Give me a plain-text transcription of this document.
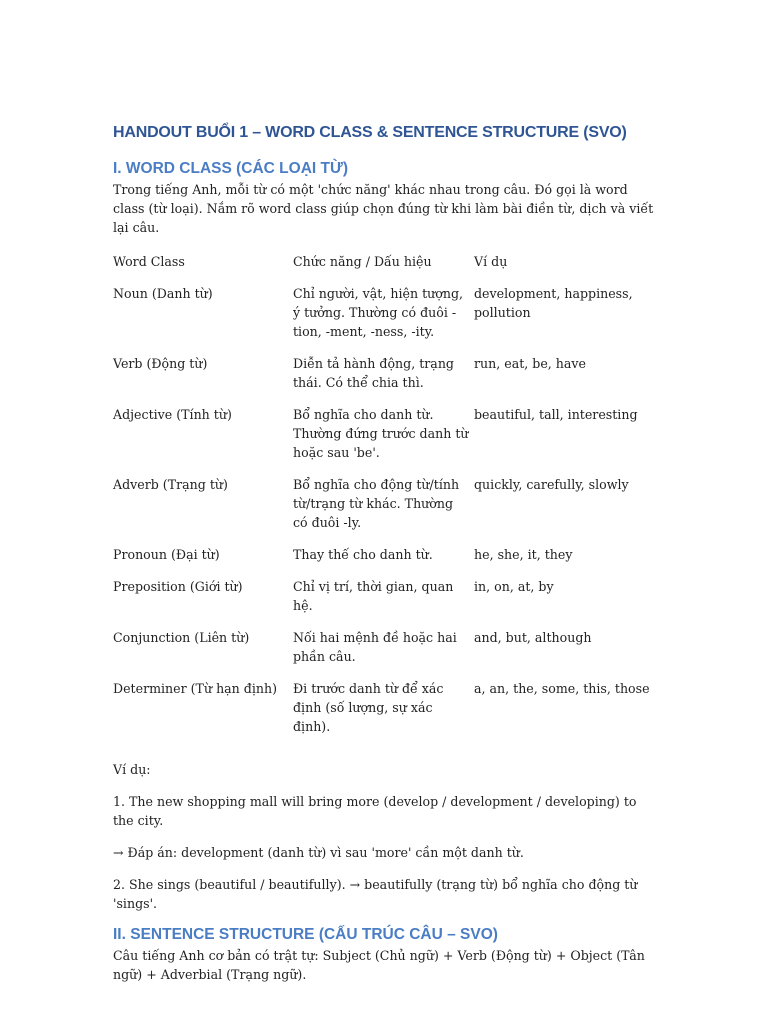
HANDOUT BUỔI 1 – WORD CLASS & SENTENCE STRUCTURE (SVO)
I. WORD CLASS (CÁC LOẠI TỪ)

Trong tiếng Anh, mỗi từ có một 'chức năng' khác nhau trong câu. Đó gọi là word class (từ loại). Nắm rõ word class giúp chọn đúng từ khi làm bài điền từ, dịch và viết lại câu.

Word Class	Chức năng / Dấu hiệu	Ví dụ
Noun (Danh từ)	Chỉ người, vật, hiện tượng, ý tưởng. Thường có đuôi -tion, -ment, -ness, -ity.	development, happiness, pollution
Verb (Động từ)	Diễn tả hành động, trạng thái. Có thể chia thì.	run, eat, be, have
Adjective (Tính từ)	Bổ nghĩa cho danh từ. Thường đứng trước danh từ hoặc sau 'be'.	beautiful, tall, interesting
Adverb (Trạng từ)	Bổ nghĩa cho động từ/tính từ/trạng từ khác. Thường có đuôi -ly.	quickly, carefully, slowly
Pronoun (Đại từ)	Thay thế cho danh từ.	he, she, it, they
Preposition (Giới từ)	Chỉ vị trí, thời gian, quan hệ.	in, on, at, by
Conjunction (Liên từ)	Nối hai mệnh đề hoặc hai phần câu.	and, but, although
Determiner (Từ hạn định)	Đi trước danh từ để xác định (số lượng, sự xác định).	a, an, the, some, this, those

Ví dụ:

1. The new shopping mall will bring more (develop / development / developing) to the city.

→ Đáp án: development (danh từ) vì sau 'more' cần một danh từ.

2. She sings (beautiful / beautifully). → beautifully (trạng từ) bổ nghĩa cho động từ 'sings'.

II. SENTENCE STRUCTURE (CẤU TRÚC CÂU – SVO)

Câu tiếng Anh cơ bản có trật tự: Subject (Chủ ngữ) + Verb (Động từ) + Object (Tân ngữ) + Adverbial (Trạng ngữ).
